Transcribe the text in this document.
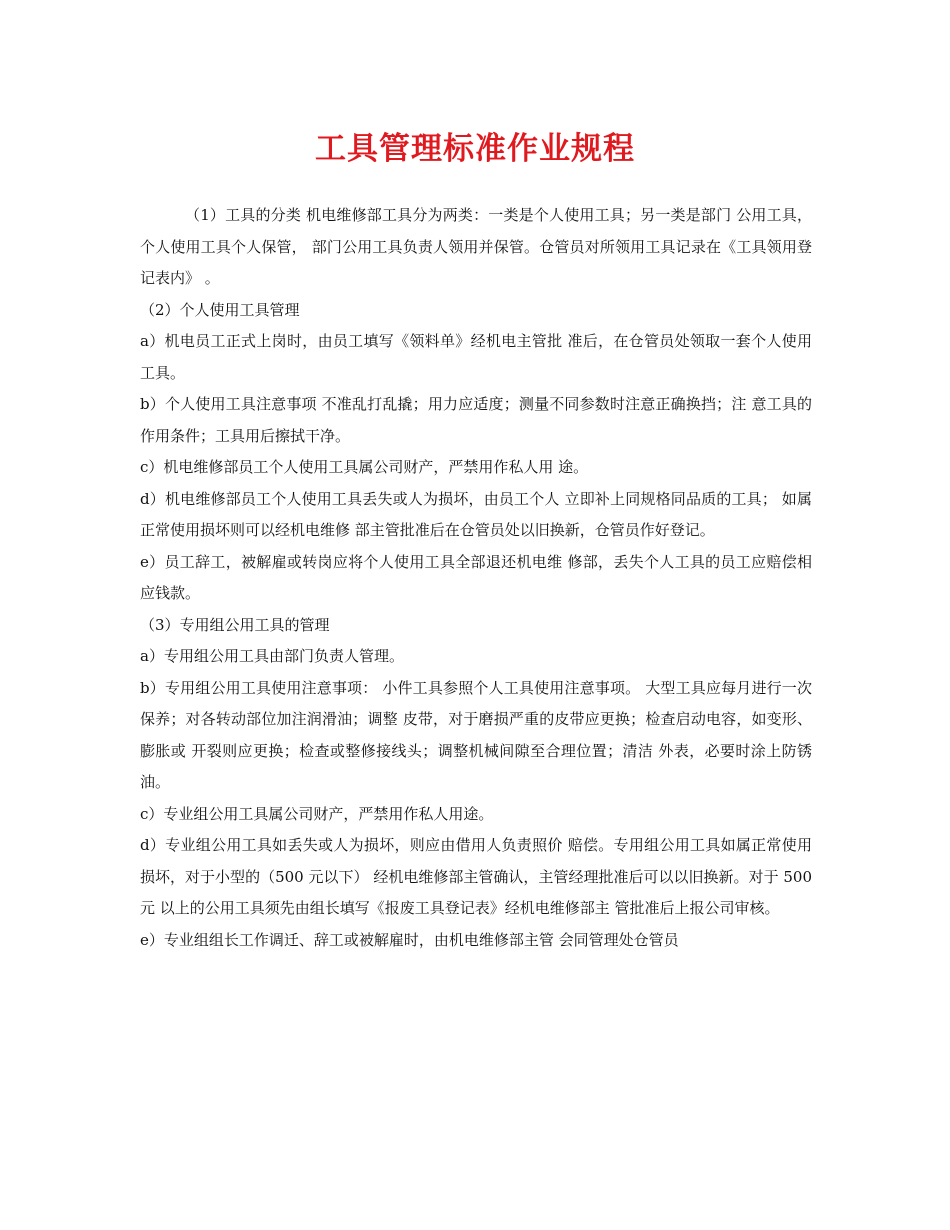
工具管理标准作业规程

（1）工具的分类 机电维修部工具分为两类：一类是个人使用工具；另一类是部门 公用工具， 个人使用工具个人保管， 部门公用工具负责人领用并保管。仓管员对所领用工具记录在《工具领用登记表内》 。

（2）个人使用工具管理

a）机电员工正式上岗时，由员工填写《领料单》经机电主管批 准后，在仓管员处领取一套个人使用工具。

b）个人使用工具注意事项 不准乱打乱撬；用力应适度；测量不同参数时注意正确换挡；注 意工具的作用条件；工具用后擦拭干净。

c）机电维修部员工个人使用工具属公司财产，严禁用作私人用 途。

d）机电维修部员工个人使用工具丢失或人为损坏，由员工个人 立即补上同规格同品质的工具； 如属正常使用损坏则可以经机电维修 部主管批准后在仓管员处以旧换新，仓管员作好登记。

e）员工辞工，被解雇或转岗应将个人使用工具全部退还机电维 修部，丢失个人工具的员工应赔偿相应钱款。

（3）专用组公用工具的管理

a）专用组公用工具由部门负责人管理。

b）专用组公用工具使用注意事项： 小件工具参照个人工具使用注意事项。 大型工具应每月进行一次保养；对各转动部位加注润滑油；调整 皮带，对于磨损严重的皮带应更换；检查启动电容，如变形、膨胀或 开裂则应更换；检查或整修接线头；调整机械间隙至合理位置；清洁 外表，必要时涂上防锈油。

c）专业组公用工具属公司财产，严禁用作私人用途。

d）专业组公用工具如丢失或人为损坏，则应由借用人负责照价 赔偿。专用组公用工具如属正常使用损坏，对于小型的（500 元以下） 经机电维修部主管确认，主管经理批准后可以以旧换新。对于 500 元 以上的公用工具须先由组长填写《报废工具登记表》经机电维修部主 管批准后上报公司审核。

e）专业组组长工作调迁、辞工或被解雇时，由机电维修部主管 会同管理处仓管员
